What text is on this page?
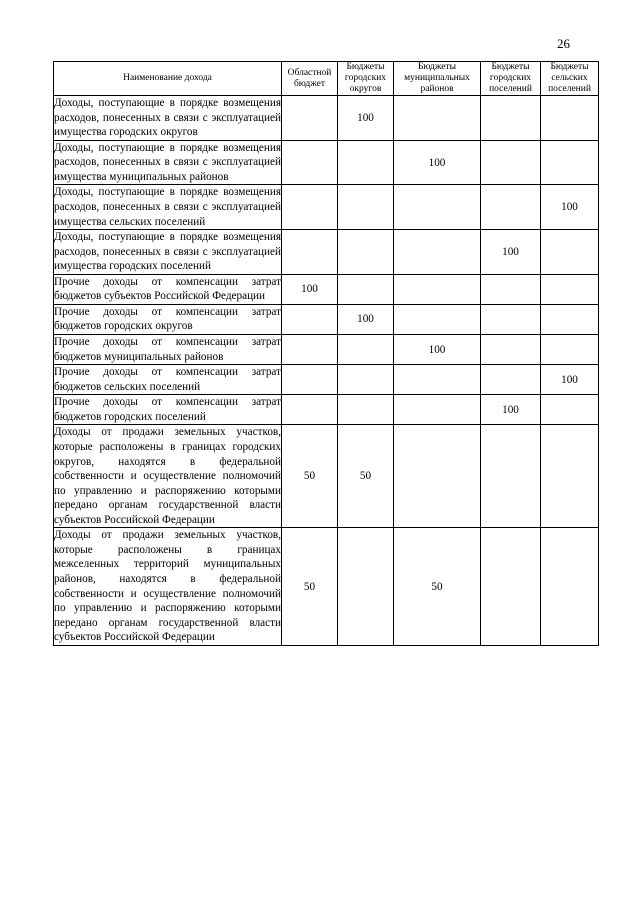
26
Наименование дохода	Областной бюджет	Бюджеты городских округов	Бюджеты муниципальных районов	Бюджеты городских поселений	Бюджеты сельских поселений
Доходы, поступающие в порядке возмещения расходов, понесенных в связи с эксплуатацией имущества городских округов		100			
Доходы, поступающие в порядке возмещения расходов, понесенных в связи с эксплуатацией имущества муниципальных районов			100		
Доходы, поступающие в порядке возмещения расходов, понесенных в связи с эксплуатацией имущества сельских поселений					100
Доходы, поступающие в порядке возмещения расходов, понесенных в связи с эксплуатацией имущества городских поселений				100	
Прочие доходы от компенсации затрат бюджетов субъектов Российской Федерации	100				
Прочие доходы от компенсации затрат бюджетов городских округов		100			
Прочие доходы от компенсации затрат бюджетов муниципальных районов			100		
Прочие доходы от компенсации затрат бюджетов сельских поселений					100
Прочие доходы от компенсации затрат бюджетов городских поселений				100	
Доходы от продажи земельных участков, которые расположены в границах городских округов, находятся в федеральной собственности и осуществление полномочий по управлению и распоряжению которыми передано органам государственной власти субъектов Российской Федерации	50	50			
Доходы от продажи земельных участков, которые расположены в границах межселенных территорий муниципальных районов, находятся в федеральной собственности и осуществление полномочий по управлению и распоряжению которыми передано органам государственной власти субъектов Российской Федерации	50		50		
